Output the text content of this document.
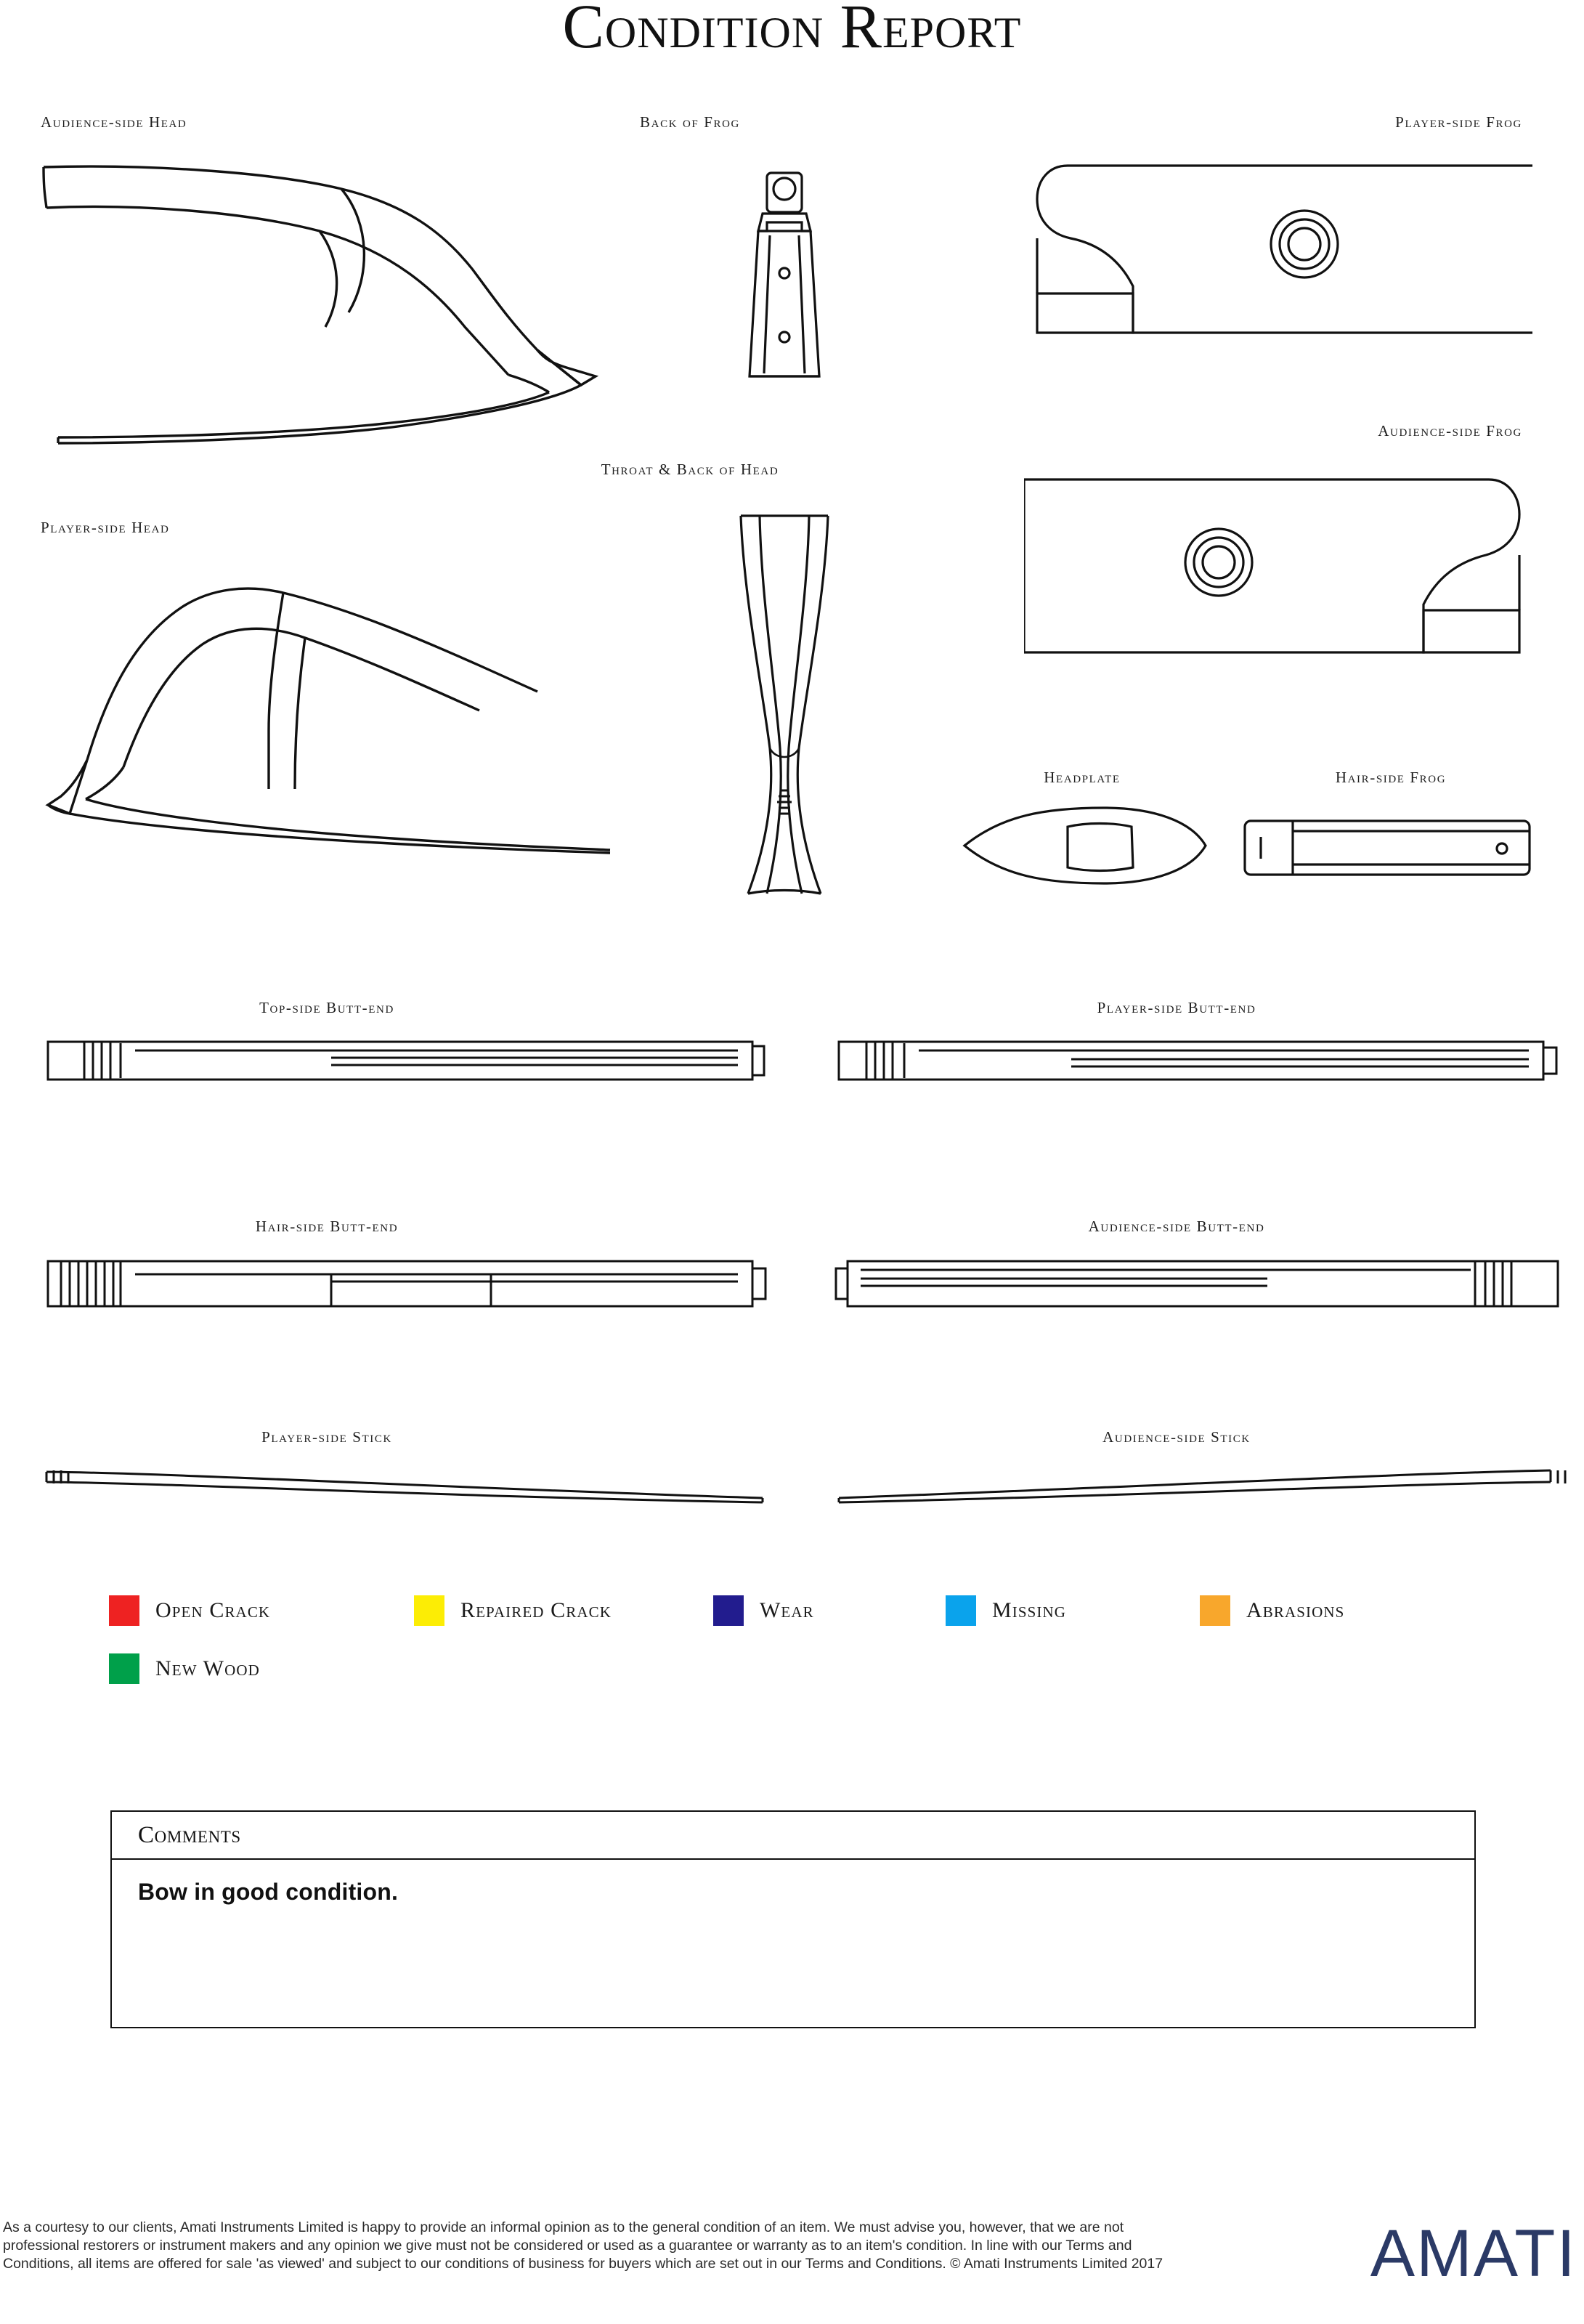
Condition Report
Audience-side Head
Player-side Head
Back of Frog
Throat & Back of Head
Player-side Frog
Audience-side Frog
Headplate	Hair-side Frog
Top-side Butt-end	Player-side Butt-end
Hair-side Butt-end	Audience-side Butt-end
Player-side Stick	Audience-side Stick
Open Crack	Repaired Crack	Wear	Missing	Abrasions
New Wood
Comments
Bow in good condition.
As a courtesy to our clients, Amati Instruments Limited is happy to provide an informal opinion as to the general condition of an item. We must advise you, however, that we are not professional restorers or instrument makers and any opinion we give must not be considered or used as a guarantee or warranty as to an item's condition. In line with our Terms and Conditions, all items are offered for sale 'as viewed' and subject to our conditions of business for buyers which are set out in our Terms and Conditions. © Amati Instruments Limited 2017	AMATI
